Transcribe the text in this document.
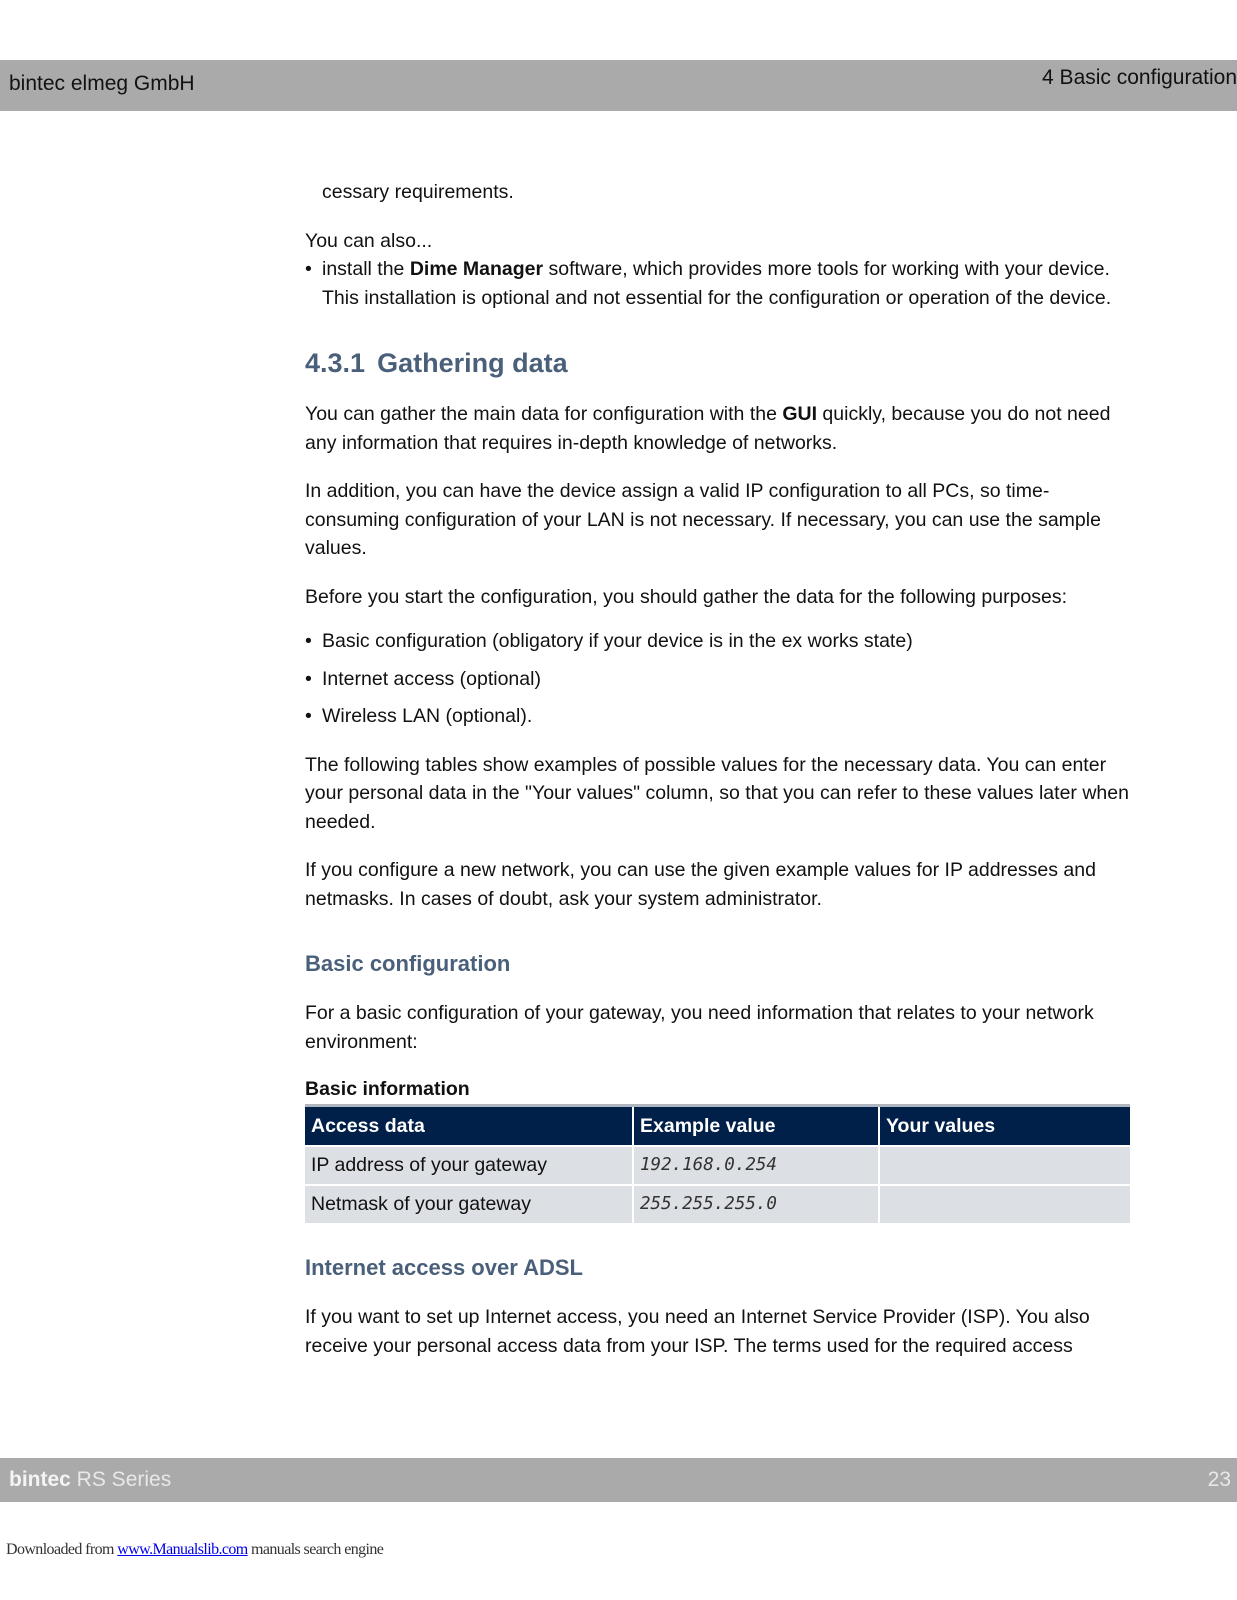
bintec elmeg GmbH	4 Basic configuration

cessary requirements.

You can also...

• install the Dime Manager software, which provides more tools for working with your device. This installation is optional and not essential for the configuration or operation of the device.
4.3.1 Gathering data

You can gather the main data for configuration with the GUI quickly, because you do not need any information that requires in-depth knowledge of networks.

In addition, you can have the device assign a valid IP configuration to all PCs, so time-consuming configuration of your LAN is not necessary. If necessary, you can use the sample values.

Before you start the configuration, you should gather the data for the following purposes:

• Basic configuration (obligatory if your device is in the ex works state)
• Internet access (optional)
• Wireless LAN (optional).

The following tables show examples of possible values for the necessary data. You can enter your personal data in the "Your values" column, so that you can refer to these values later when needed.

If you configure a new network, you can use the given example values for IP addresses and netmasks. In cases of doubt, ask your system administrator.

Basic configuration

For a basic configuration of your gateway, you need information that relates to your network environment:

Basic information
Access data	Example value	Your values
IP address of your gateway	192.168.0.254	
Netmask of your gateway	255.255.255.0	
Internet access over ADSL

If you want to set up Internet access, you need an Internet Service Provider (ISP). You also receive your personal access data from your ISP. The terms used for the required access

bintec RS Series	23
Downloaded from www.Manualslib.com manuals search engine
